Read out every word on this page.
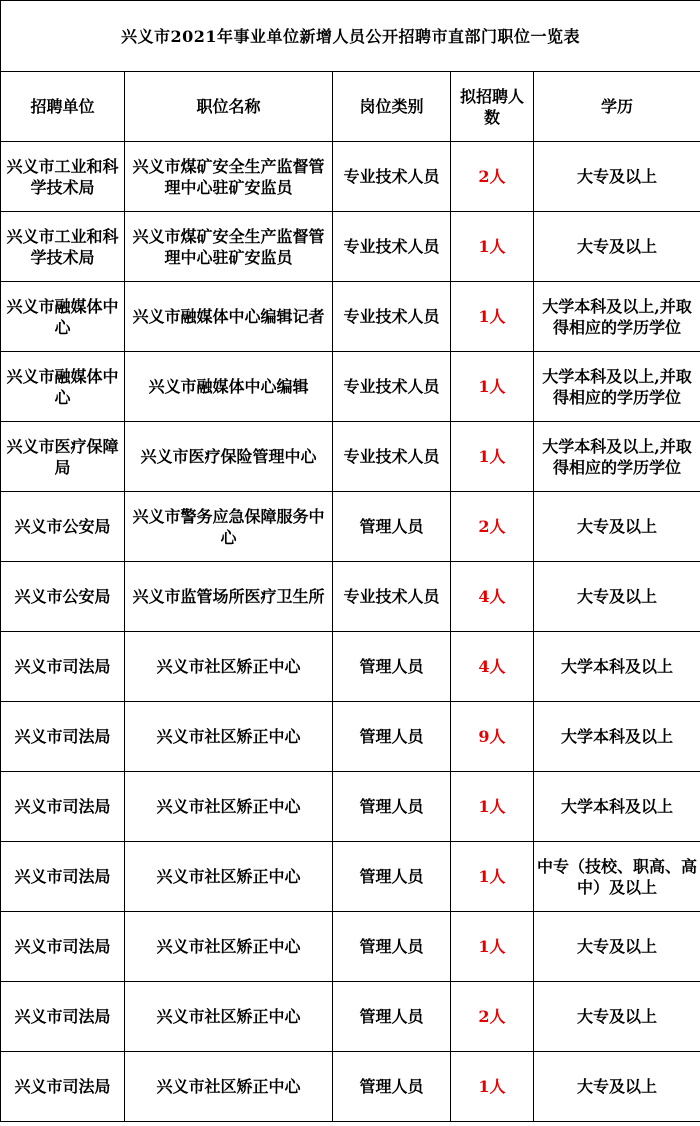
兴义市2021年事业单位新增人员公开招聘市直部门职位一览表				
招聘单位	职位名称	岗位类别	拟招聘人数	学历
兴义市工业和科学技术局	兴义市煤矿安全生产监督管理中心驻矿安监员	专业技术人员	2人	大专及以上
兴义市工业和科学技术局	兴义市煤矿安全生产监督管理中心驻矿安监员	专业技术人员	1人	大专及以上
兴义市融媒体中心	兴义市融媒体中心编辑记者	专业技术人员	1人	大学本科及以上,并取得相应的学历学位
兴义市融媒体中心	兴义市融媒体中心编辑	专业技术人员	1人	大学本科及以上,并取得相应的学历学位
兴义市医疗保障局	兴义市医疗保险管理中心	专业技术人员	1人	大学本科及以上,并取得相应的学历学位
兴义市公安局	兴义市警务应急保障服务中心	管理人员	2人	大专及以上
兴义市公安局	兴义市监管场所医疗卫生所	专业技术人员	4人	大专及以上
兴义市司法局	兴义市社区矫正中心	管理人员	4人	大学本科及以上
兴义市司法局	兴义市社区矫正中心	管理人员	9人	大学本科及以上
兴义市司法局	兴义市社区矫正中心	管理人员	1人	大学本科及以上
兴义市司法局	兴义市社区矫正中心	管理人员	1人	中专（技校、职高、高中）及以上
兴义市司法局	兴义市社区矫正中心	管理人员	1人	大专及以上
兴义市司法局	兴义市社区矫正中心	管理人员	2人	大专及以上
兴义市司法局	兴义市社区矫正中心	管理人员	1人	大专及以上
